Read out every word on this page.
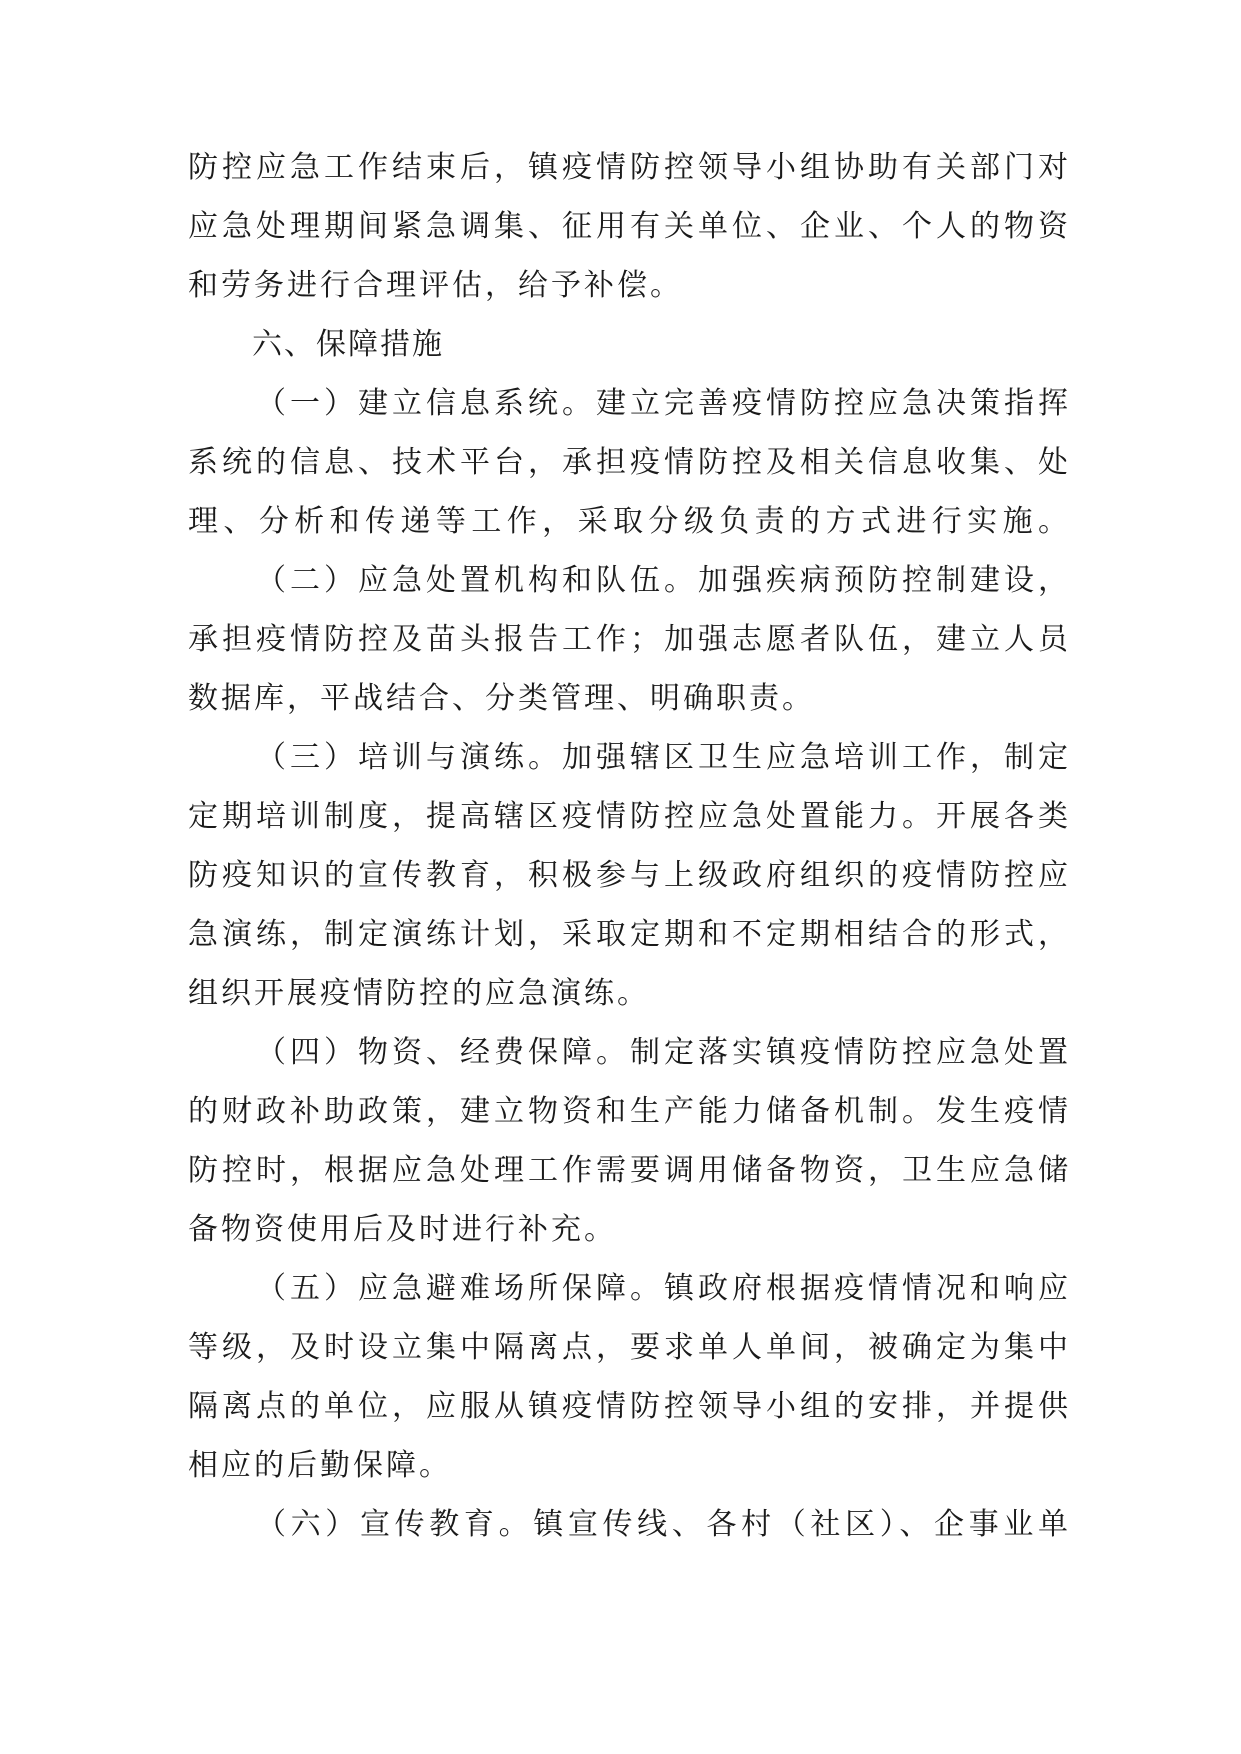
防控应急工作结束后，镇疫情防控领导小组协助有关部门对
应急处理期间紧急调集、征用有关单位、企业、个人的物资
和劳务进行合理评估，给予补偿。
六、保障措施
（一）建立信息系统。建立完善疫情防控应急决策指挥
系统的信息、技术平台，承担疫情防控及相关信息收集、处
理、分析和传递等工作，采取分级负责的方式进行实施。
（二）应急处置机构和队伍。加强疾病预防控制建设，
承担疫情防控及苗头报告工作；加强志愿者队伍，建立人员
数据库，平战结合、分类管理、明确职责。
（三）培训与演练。加强辖区卫生应急培训工作，制定
定期培训制度，提高辖区疫情防控应急处置能力。开展各类
防疫知识的宣传教育，积极参与上级政府组织的疫情防控应
急演练，制定演练计划，采取定期和不定期相结合的形式，
组织开展疫情防控的应急演练。
（四）物资、经费保障。制定落实镇疫情防控应急处置
的财政补助政策，建立物资和生产能力储备机制。发生疫情
防控时，根据应急处理工作需要调用储备物资，卫生应急储
备物资使用后及时进行补充。
（五）应急避难场所保障。镇政府根据疫情情况和响应
等级，及时设立集中隔离点，要求单人单间，被确定为集中
隔离点的单位，应服从镇疫情防控领导小组的安排，并提供
相应的后勤保障。
（六）宣传教育。镇宣传线、各村（社区）、企事业单
